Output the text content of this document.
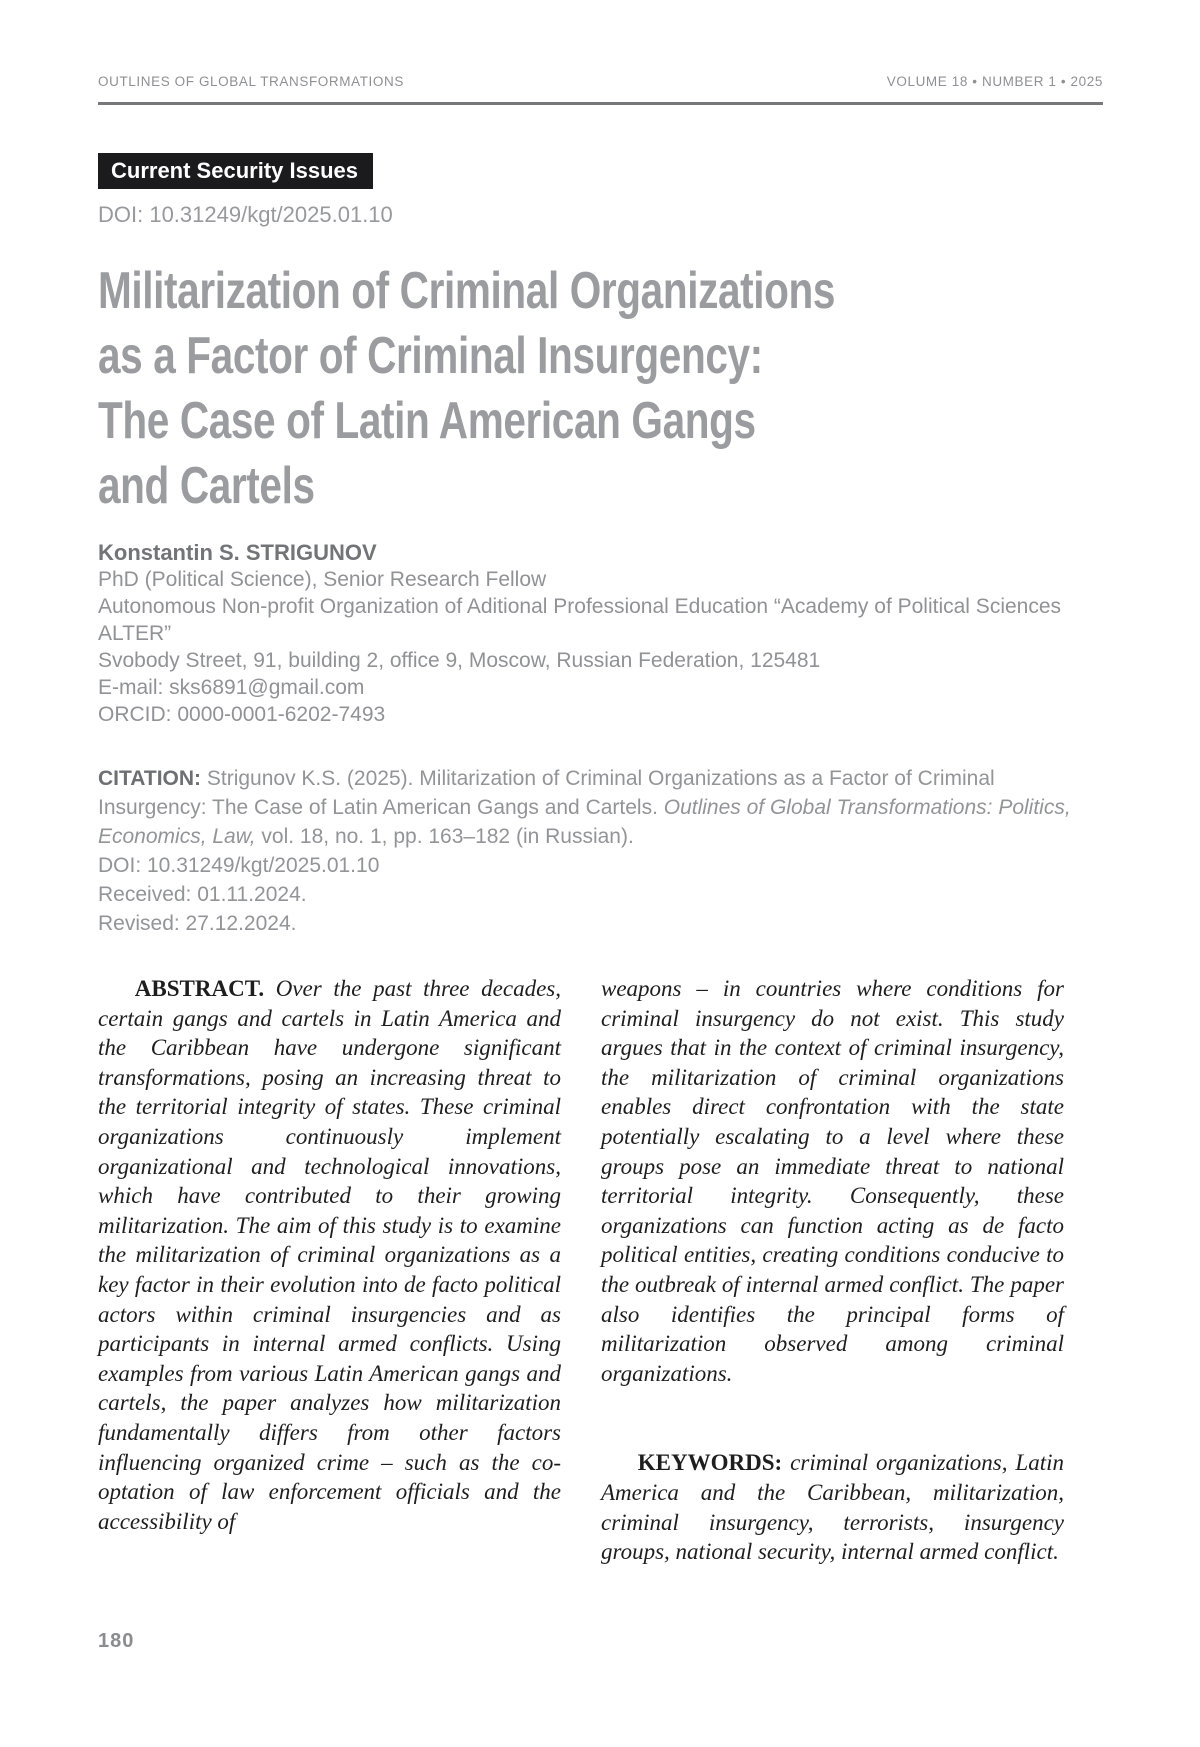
OUTLINES OF GLOBAL TRANSFORMATIONS	VOLUME 18 • NUMBER 1 • 2025
Current Security Issues
DOI: 10.31249/kgt/2025.01.10
Militarization of Criminal Organizations
as a Factor of Criminal Insurgency:
The Case of Latin American Gangs
and Cartels
Konstantin S. STRIGUNOV
PhD (Political Science), Senior Research Fellow
Autonomous Non-profit Organization of Aditional Professional Education “Academy of Political Sciences ALTER”
Svobody Street, 91, building 2, office 9, Moscow, Russian Federation, 125481
E-mail: sks6891@gmail.com
ORCID: 0000-0001-6202-7493
CITATION: Strigunov K.S. (2025). Militarization of Criminal Organizations as a Factor of Criminal Insurgency: The Case of Latin American Gangs and Cartels. Outlines of Global Transformations: Politics, Economics, Law, vol. 18, no. 1, pp. 163–182 (in Russian).
DOI: 10.31249/kgt/2025.01.10
Received: 01.11.2024.
Revised: 27.12.2024.

ABSTRACT. Over the past three decades, certain gangs and cartels in Latin America and the Caribbean have undergone significant transformations, posing an increasing threat to the territorial integrity of states. These criminal organizations continuously implement organizational and technological innovations, which have contributed to their growing militarization. The aim of this study is to examine the militarization of criminal organizations as a key factor in their evolution into de facto political actors within criminal insurgencies and as participants in internal armed conflicts. Using examples from various Latin American gangs and cartels, the paper analyzes how militarization fundamentally differs from other factors influencing organized crime – such as the co-optation of law enforcement officials and the accessibility of

weapons – in countries where conditions for criminal insurgency do not exist. This study argues that in the context of criminal insurgency, the militarization of criminal organizations enables direct confrontation with the state potentially escalating to a level where these groups pose an immediate threat to national territorial integrity. Consequently, these organizations can function acting as de facto political entities, creating conditions conducive to the outbreak of internal armed conflict. The paper also identifies the principal forms of militarization observed among criminal organizations.

KEYWORDS: criminal organizations, Latin America and the Caribbean, militarization, criminal insurgency, terrorists, insurgency groups, national security, internal armed conflict.

180
